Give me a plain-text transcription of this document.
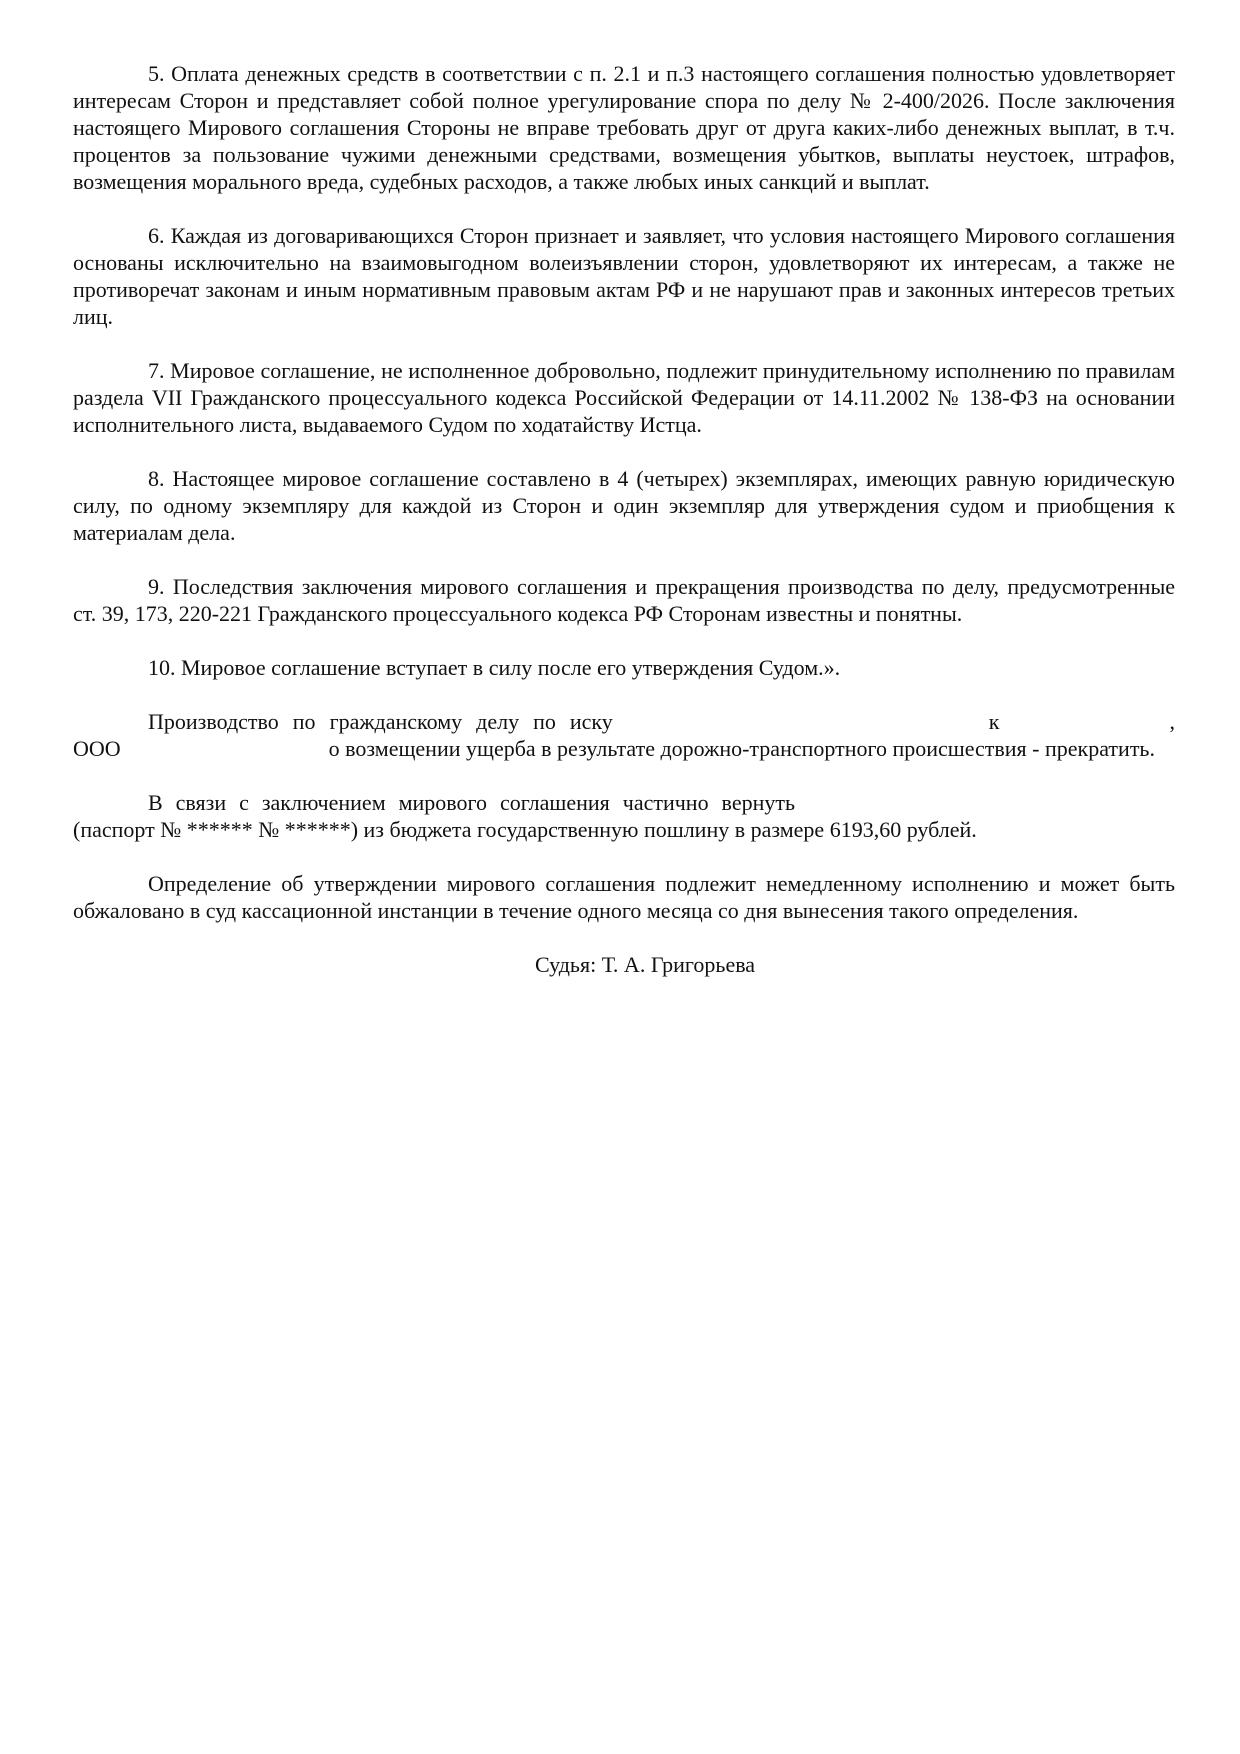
5. Оплата денежных средств в соответствии с п. 2.1 и п.3 настоящего соглашения полностью удовлетворяет интересам Сторон и представляет собой полное урегулирование спора по делу № 2-400/2026. После заключения настоящего Мирового соглашения Стороны не вправе требовать друг от друга каких-либо денежных выплат, в т.ч. процентов за пользование чужими денежными средствами, возмещения убытков, выплаты неустоек, штрафов, возмещения морального вреда, судебных расходов, а также любых иных санкций и выплат.

6. Каждая из договаривающихся Сторон признает и заявляет, что условия настоящего Мирового соглашения основаны исключительно на взаимовыгодном волеизъявлении сторон, удовлетворяют их интересам, а также не противоречат законам и иным нормативным правовым актам РФ и не нарушают прав и законных интересов третьих лиц.

7. Мировое соглашение, не исполненное добровольно, подлежит принудительному исполнению по правилам раздела VII Гражданского процессуального кодекса Российской Федерации от 14.11.2002 № 138-ФЗ на основании исполнительного листа, выдаваемого Судом по ходатайству Истца.

8. Настоящее мировое соглашение составлено в 4 (четырех) экземплярах, имеющих равную юридическую силу, по одному экземпляру для каждой из Сторон и один экземпляр для утверждения судом и приобщения к материалам дела.

9. Последствия заключения мирового соглашения и прекращения производства по делу, предусмотренные ст. 39, 173, 220-221 Гражданского процессуального кодекса РФ Сторонам известны и понятны.

10. Мировое соглашение вступает в силу после его утверждения Судом.».

Производство по гражданскому делу по иску	к	, ООО	о возмещении ущерба в результате дорожно-транспортного происшествия - прекратить.

В связи с заключением мирового соглашения частично вернуть(паспорт № ****** № ******) из бюджета государственную пошлину в размере 6193,60 рублей.

Определение об утверждении мирового соглашения подлежит немедленному исполнению и может быть обжаловано в суд кассационной инстанции в течение одного месяца со дня вынесения такого определения.

Судья: Т. А. Григорьева
